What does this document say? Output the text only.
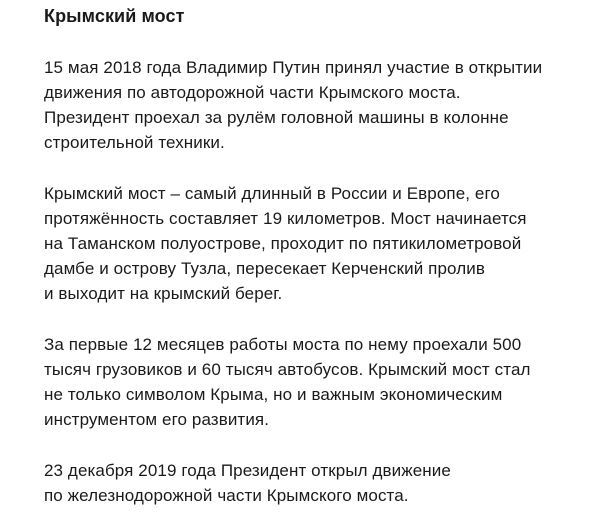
Крымский мост

15 мая 2018 года Владимир Путин принял участие в открытии
движения по автодорожной части Крымского моста.
Президент проехал за рулём головной машины в колонне
строительной техники.

Крымский мост – самый длинный в России и Европе, его
протяжённость составляет 19 километров. Мост начинается
на Таманском полуострове, проходит по пятикилометровой
дамбе и острову Тузла, пересекает Керченский пролив
и выходит на крымский берег.

За первые 12 месяцев работы моста по нему проехали 500
тысяч грузовиков и 60 тысяч автобусов. Крымский мост стал
не только символом Крыма, но и важным экономическим
инструментом его развития.

23 декабря 2019 года Президент открыл движение
по железнодорожной части Крымского моста.
